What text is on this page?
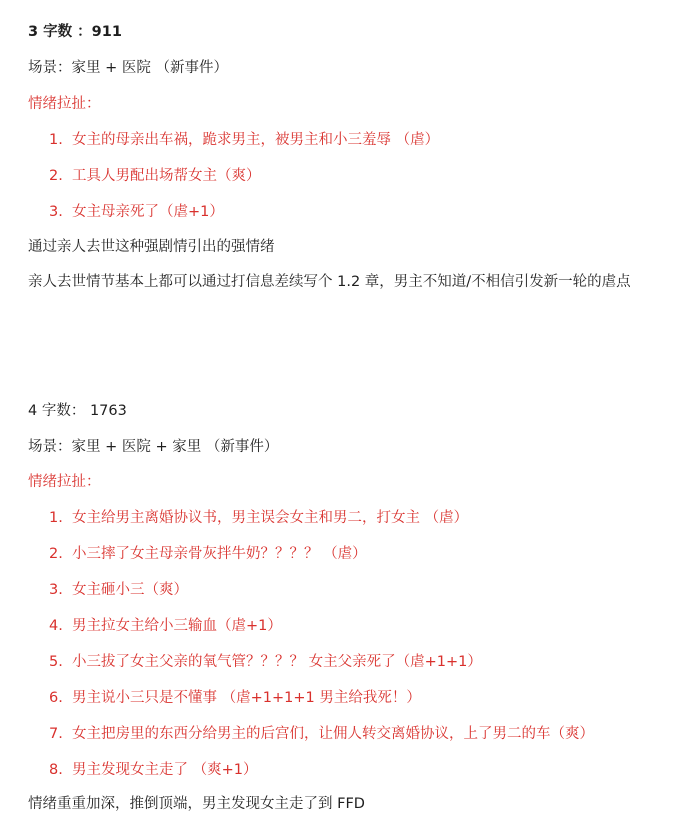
3 字数 ：911

场景：家里 + 医院 （新事件）

情绪拉扯：

1. 女主的母亲出车祸，跪求男主，被男主和小三羞辱 （虐）
2. 工具人男配出场帮女主（爽）
3. 女主母亲死了（虐+1）

通过亲人去世这种强剧情引出的强情绪

亲人去世情节基本上都可以通过打信息差续写个 1.2 章，男主不知道/不相信引发新一轮的虐点

4 字数： 1763

场景：家里 + 医院 + 家里 （新事件）

情绪拉扯：

1. 女主给男主离婚协议书，男主误会女主和男二，打女主 （虐）
2. 小三摔了女主母亲骨灰拌牛奶？？？？ （虐）
3. 女主砸小三（爽）
4. 男主拉女主给小三输血（虐+1）
5. 小三拔了女主父亲的氧气管？？？？ 女主父亲死了（虐+1+1）
6. 男主说小三只是不懂事 （虐+1+1+1 男主给我死！）
7. 女主把房里的东西分给男主的后宫们，让佣人转交离婚协议，上了男二的车（爽）
8. 男主发现女主走了 （爽+1）

情绪重重加深，推倒顶端，男主发现女主走了到 FFD
